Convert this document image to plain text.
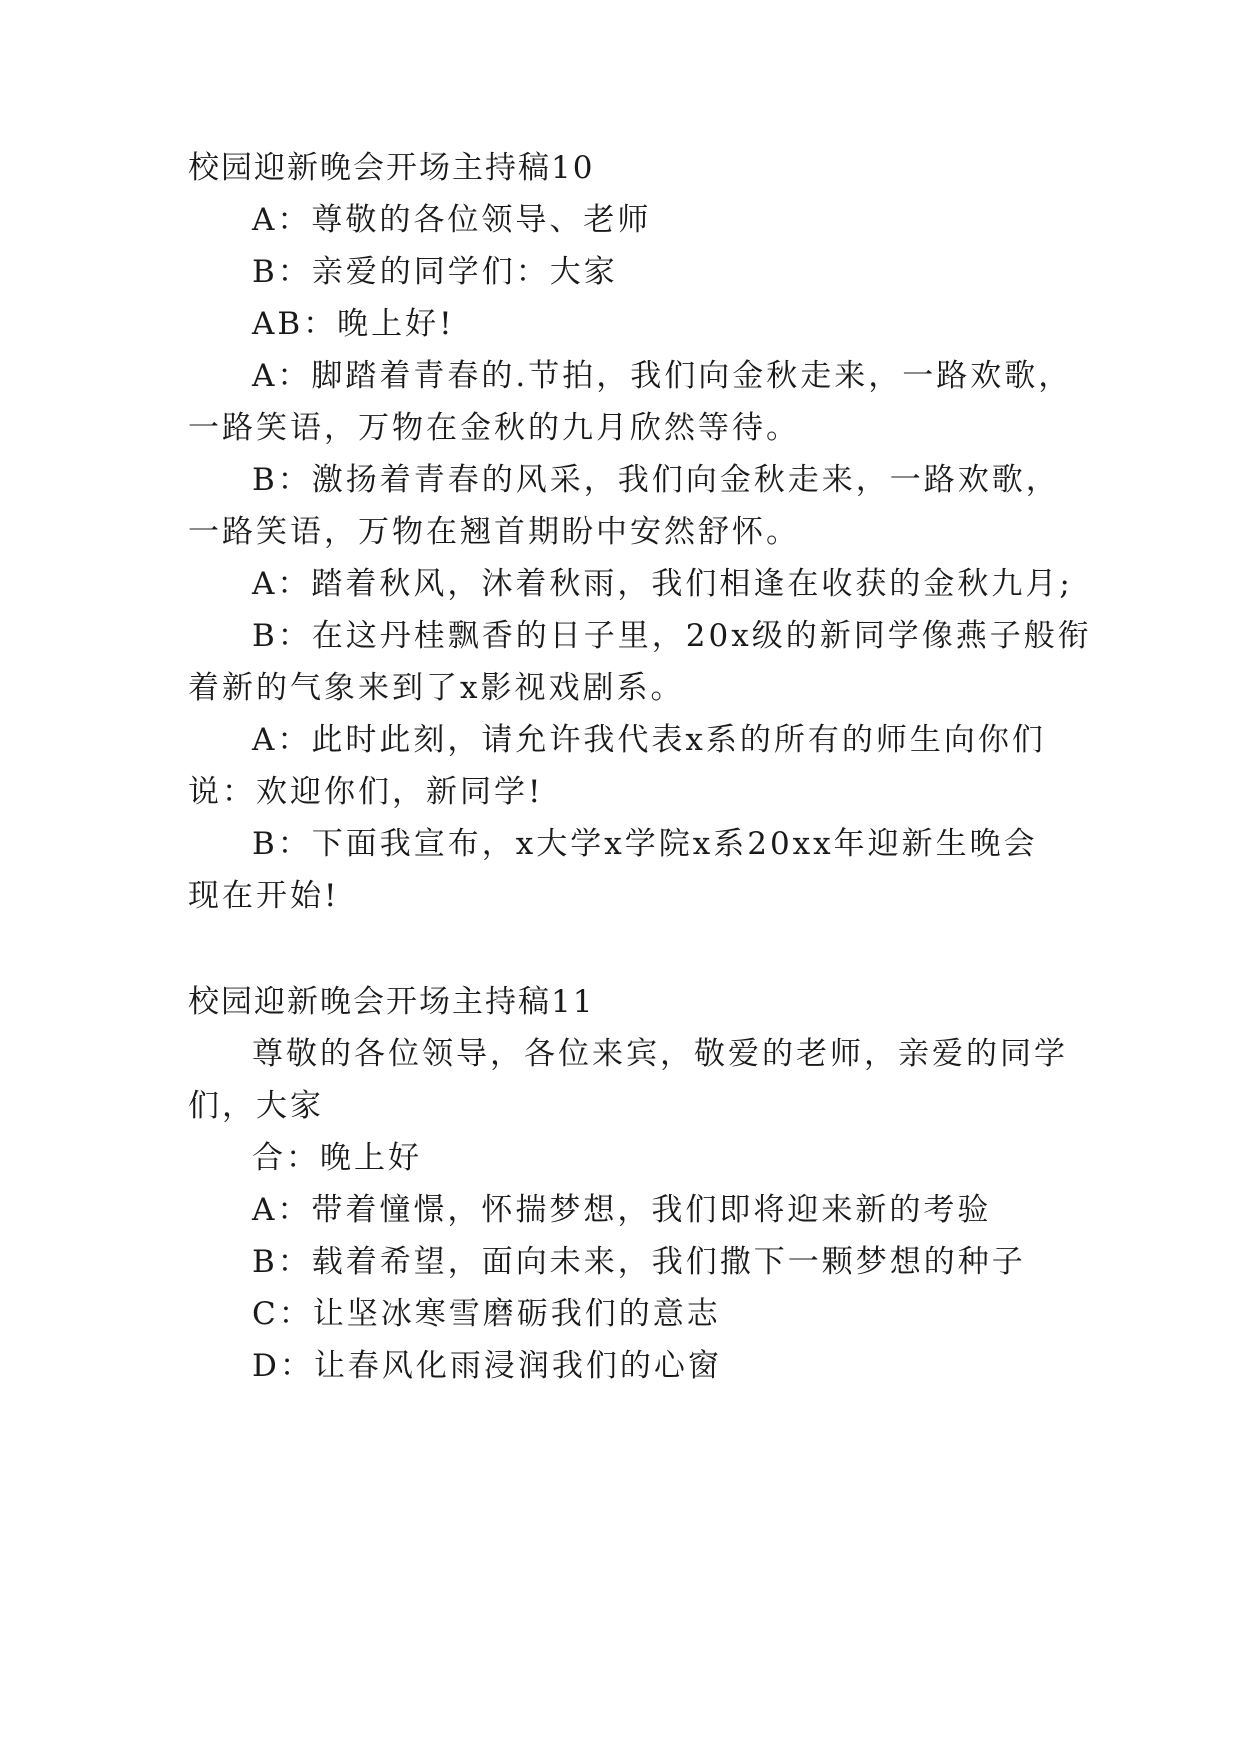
校园迎新晚会开场主持稿10
A：尊敬的各位领导、老师
B：亲爱的同学们：大家
AB：晚上好!
A：脚踏着青春的.节拍，我们向金秋走来，一路欢歌，
一路笑语，万物在金秋的九月欣然等待。
B：激扬着青春的风采，我们向金秋走来，一路欢歌，
一路笑语，万物在翘首期盼中安然舒怀。
A：踏着秋风，沐着秋雨，我们相逢在收获的金秋九月;
B：在这丹桂飘香的日子里，20x级的新同学像燕子般衔
着新的气象来到了x影视戏剧系。
A：此时此刻，请允许我代表x系的所有的师生向你们
说：欢迎你们，新同学!
B：下面我宣布，x大学x学院x系20xx年迎新生晚会
现在开始!
校园迎新晚会开场主持稿11
尊敬的各位领导，各位来宾，敬爱的老师，亲爱的同学
们，大家
合：晚上好
A：带着憧憬，怀揣梦想，我们即将迎来新的考验
B：载着希望，面向未来，我们撒下一颗梦想的种子
C：让坚冰寒雪磨砺我们的意志
D：让春风化雨浸润我们的心窗
